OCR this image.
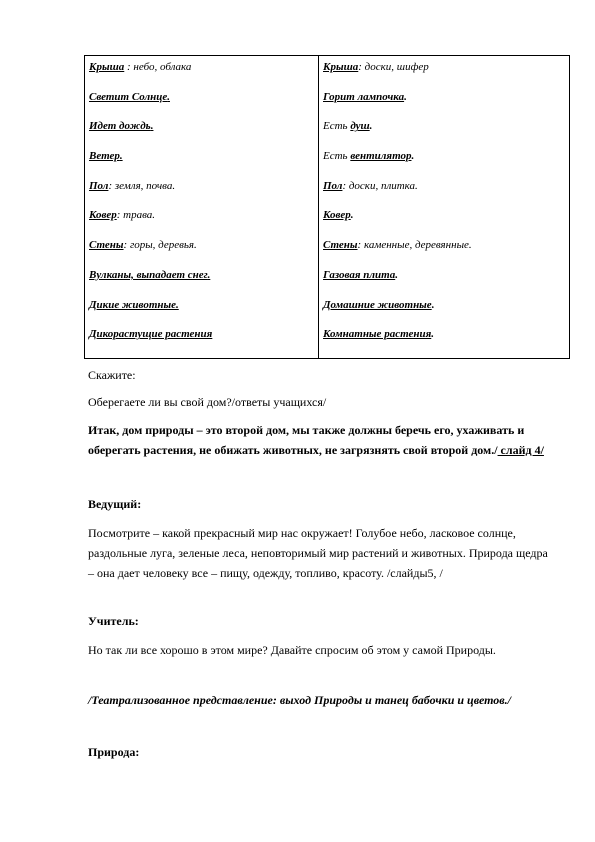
Крыша : небо, облака
Светит Солнце.
Идет дождь.
Ветер.
Пол: земля, почва.
Ковер: трава.
Стены: горы, деревья.
Вулканы, выпадает снег.
Дикие животные.
Дикорастущие растения

Крыша: доски, шифер
Горит лампочка.
Есть душ.
Есть вентилятор.
Пол: доски, плитка.
Ковер.
Стены: каменные, деревянные.
Газовая плита.
Домашние животные.
Комнатные растения.
Скажите:
Оберегаете ли вы свой дом?/ответы учащихся/
Итак, дом природы – это второй дом, мы также должны беречь его, ухаживать и оберегать растения, не обижать животных, не загрязнять свой второй дом./ слайд 4/
Ведущий:
Посмотрите – какой прекрасный мир нас окружает! Голубое небо, ласковое солнце, раздольные луга, зеленые леса, неповторимый мир растений и животных. Природа щедра – она дает человеку все – пищу, одежду, топливо, красоту. /слайды5, /
Учитель:
Но так ли все хорошо в этом мире? Давайте спросим об этом у самой Природы.
/Театрализованное представление: выход Природы и танец бабочки и цветов./
Природа:
